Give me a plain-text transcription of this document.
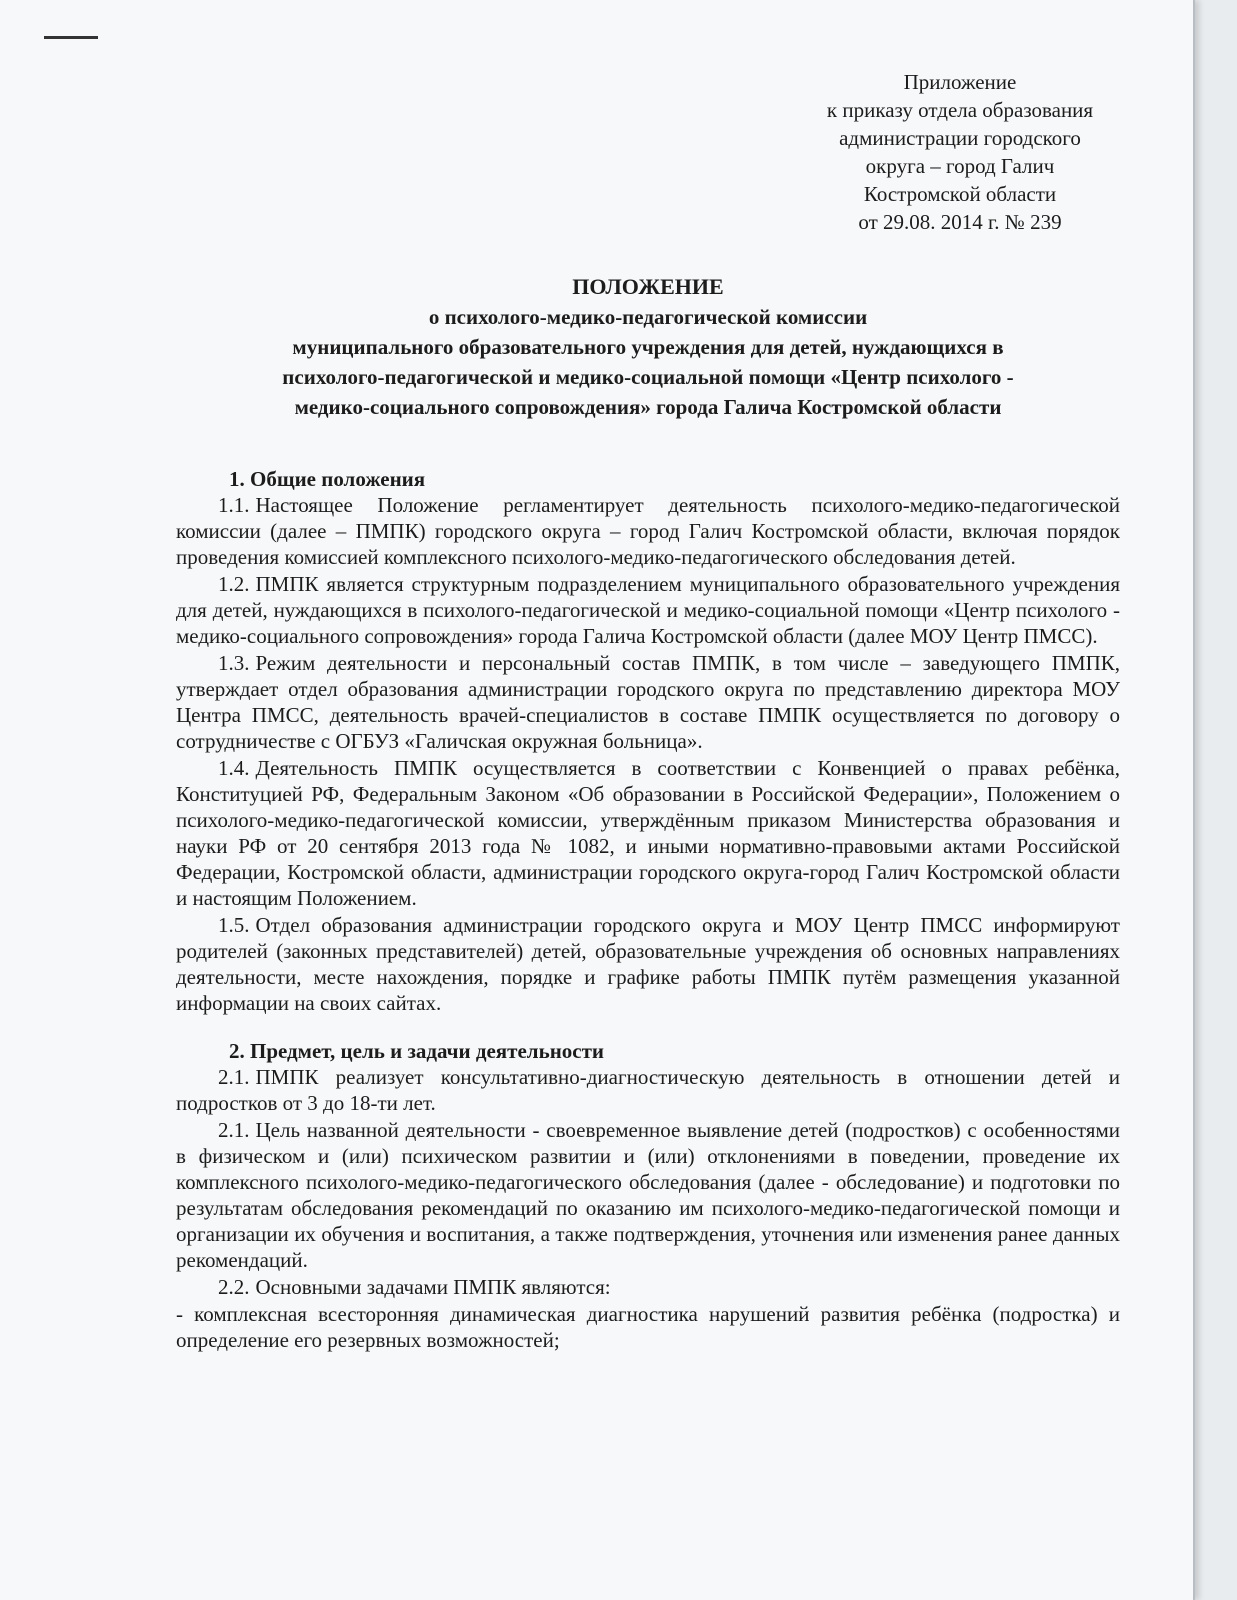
Приложение
к приказу отдела образования
администрации городского
округа – город Галич
Костромской области
от 29.08. 2014 г. № 239
ПОЛОЖЕНИЕ
о психолого-медико-педагогической комиссии
муниципального образовательного учреждения для детей, нуждающихся в
психолого-педагогической и медико-социальной помощи «Центр психолого -
медико-социального сопровождения» города Галича Костромской области
1. Общие положения

1.1. Настоящее Положение регламентирует деятельность психолого-медико-педагогической комиссии (далее – ПМПК) городского округа – город Галич Костромской области, включая порядок проведения комиссией комплексного психолого-медико-педагогического обследования детей.

1.2. ПМПК является структурным подразделением муниципального образовательного учреждения для детей, нуждающихся в психолого-педагогической и медико-социальной помощи «Центр психолого - медико-социального сопровождения» города Галича Костромской области (далее МОУ Центр ПМСС).

1.3. Режим деятельности и персональный состав ПМПК, в том числе – заведующего ПМПК, утверждает отдел образования администрации городского округа по представлению директора МОУ Центра ПМСС, деятельность врачей-специалистов в составе ПМПК осуществляется по договору о сотрудничестве с ОГБУЗ «Галичская окружная больница».

1.4. Деятельность ПМПК осуществляется в соответствии с Конвенцией о правах ребёнка, Конституцией РФ, Федеральным Законом «Об образовании в Российской Федерации», Положением о психолого-медико-педагогической комиссии, утверждённым приказом Министерства образования и науки РФ от 20 сентября 2013 года № 1082, и иными нормативно-правовыми актами Российской Федерации, Костромской области, администрации городского округа-город Галич Костромской области и настоящим Положением.

1.5. Отдел образования администрации городского округа и МОУ Центр ПМСС информируют родителей (законных представителей) детей, образовательные учреждения об основных направлениях деятельности, месте нахождения, порядке и графике работы ПМПК путём размещения указанной информации на своих сайтах.

2. Предмет, цель и задачи деятельности

2.1. ПМПК реализует консультативно-диагностическую деятельность в отношении детей и подростков от 3 до 18-ти лет.

2.1. Цель названной деятельности - своевременное выявление детей (подростков) с особенностями в физическом и (или) психическом развитии и (или) отклонениями в поведении, проведение их комплексного психолого-медико-педагогического обследования (далее - обследование) и подготовки по результатам обследования рекомендаций по оказанию им психолого-медико-педагогической помощи и организации их обучения и воспитания, а также подтверждения, уточнения или изменения ранее данных рекомендаций.

2.2. Основными задачами ПМПК являются:

- комплексная всесторонняя динамическая диагностика нарушений развития ребёнка (подростка) и определение его резервных возможностей;
